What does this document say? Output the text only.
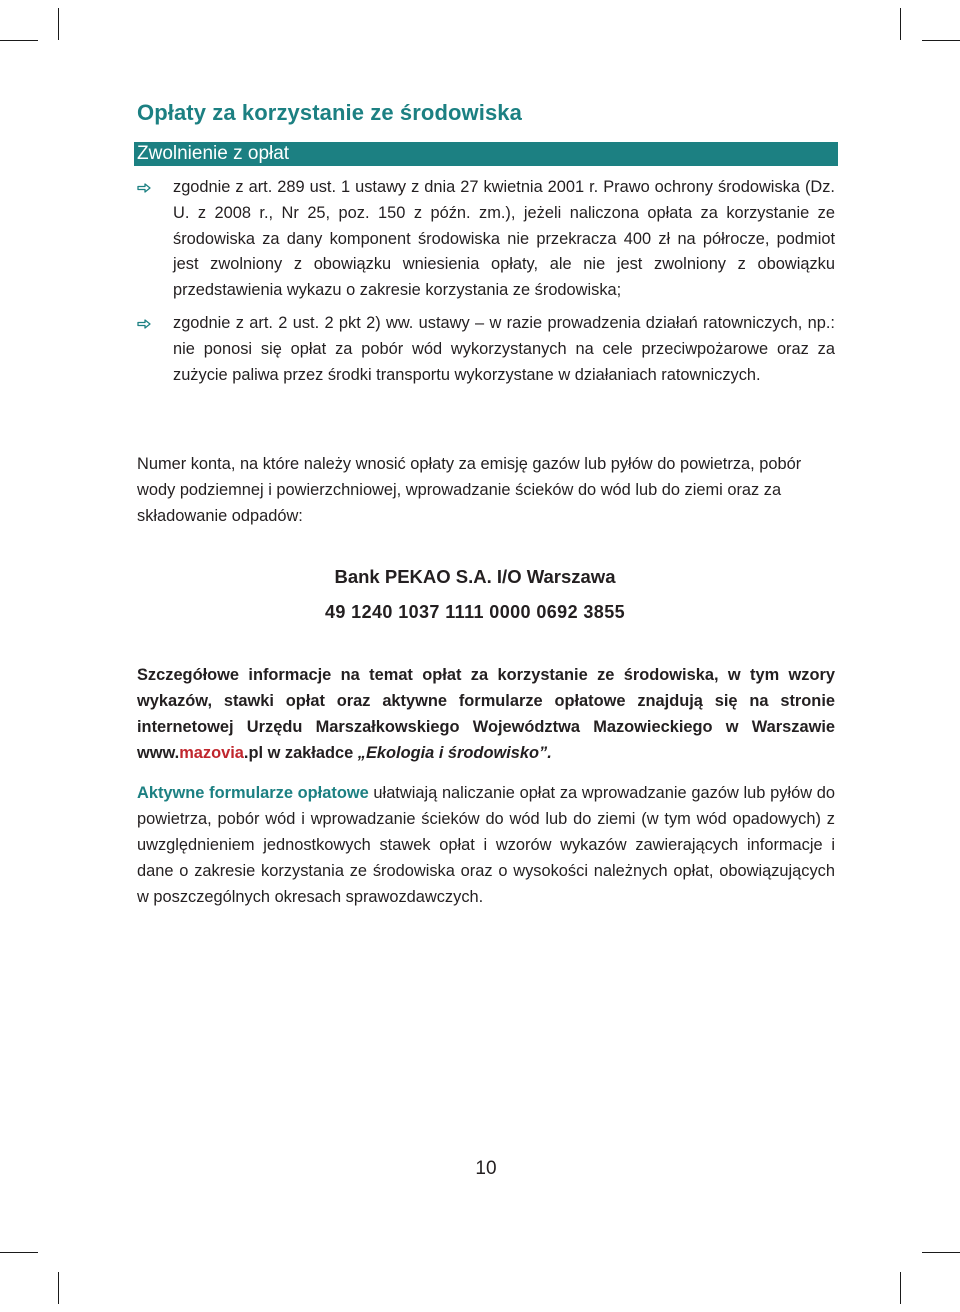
Opłaty za korzystanie ze środowiska
Zwolnienie z opłat
zgodnie z art. 289 ust. 1 ustawy z dnia 27 kwietnia 2001 r. Prawo ochrony środowiska (Dz. U. z 2008 r., Nr 25, poz. 150 z późn. zm.), jeżeli naliczona opłata za korzystanie ze środowiska za dany komponent środowiska nie przekracza 400 zł na półrocze, podmiot jest zwolniony z obowiązku wniesienia opłaty, ale nie jest zwolniony z obowiązku przedstawienia wykazu o zakresie korzystania ze środowiska;
zgodnie z art. 2 ust. 2 pkt 2) ww. ustawy – w razie prowadzenia działań ratowniczych, np.: nie ponosi się opłat za pobór wód wykorzystanych na cele przeciwpożarowe oraz za zużycie paliwa przez środki transportu wykorzystane w działaniach ratowniczych.

Numer konta, na które należy wnosić opłaty za emisję gazów lub pyłów do powietrza, pobór wody podziemnej i powierzchniowej, wprowadzanie ścieków do wód lub do ziemi oraz za składowanie odpadów:

Bank PEKAO S.A. I/O Warszawa

49 1240 1037 1111 0000 0692 3855

Szczegółowe informacje na temat opłat za korzystanie ze środowiska, w tym wzory wykazów, stawki opłat oraz aktywne formularze opłatowe znajdują się na stronie internetowej Urzędu Marszałkowskiego Województwa Mazowieckiego w Warszawie www.mazovia.pl w zakładce „Ekologia i środowisko”.

Aktywne formularze opłatowe ułatwiają naliczanie opłat za wprowadzanie gazów lub pyłów do powietrza, pobór wód i wprowadzanie ścieków do wód lub do ziemi (w tym wód opadowych) z uwzględnieniem jednostkowych stawek opłat i wzorów wykazów zawierających informacje i dane o zakresie korzystania ze środowiska oraz o wysokości należnych opłat, obowiązujących w poszczególnych okresach sprawozdawczych.

10
